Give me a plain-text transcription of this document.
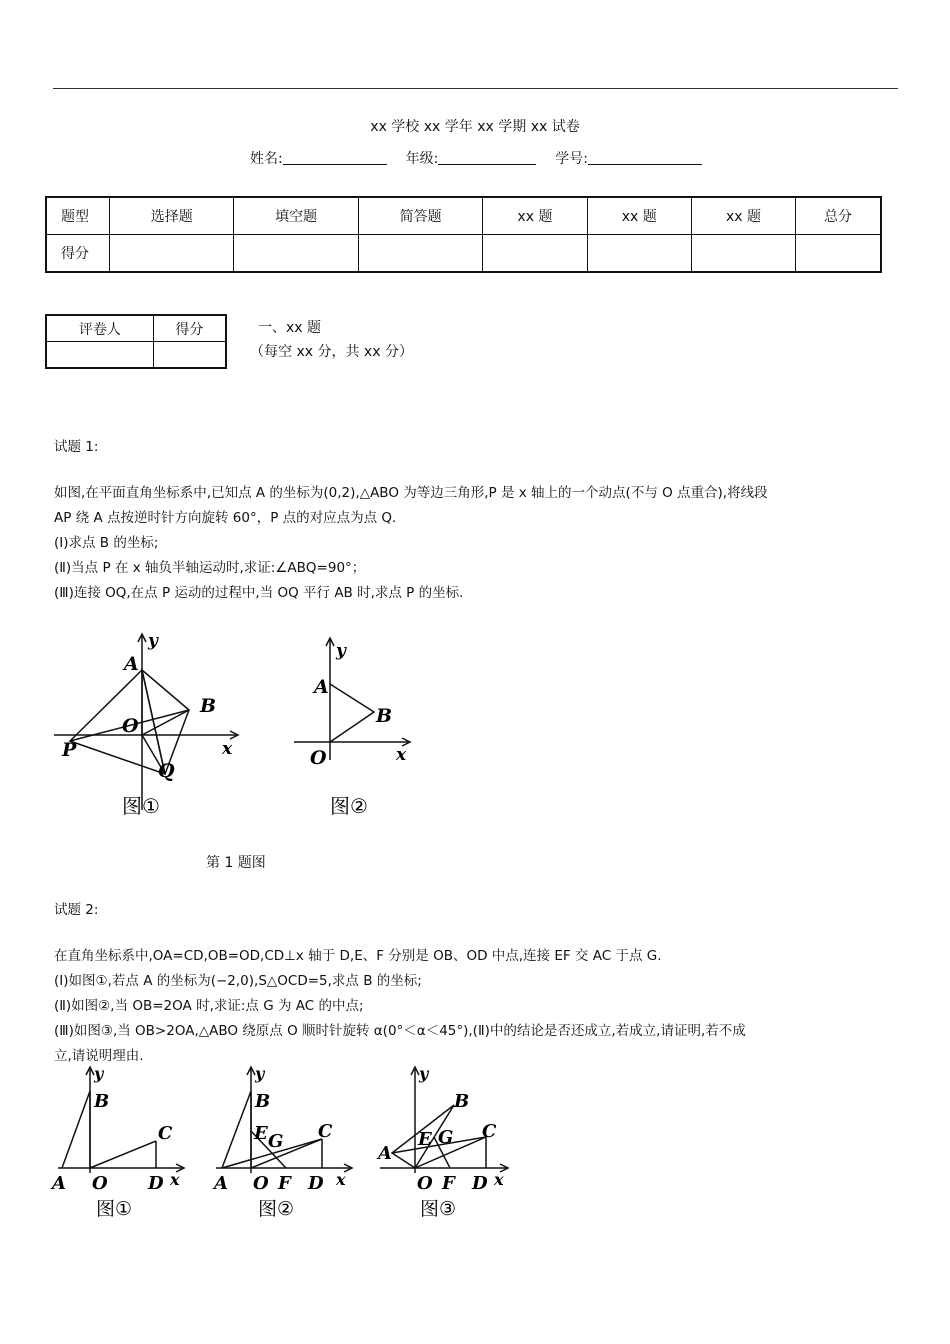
xx 学校 xx 学年 xx 学期 xx 试卷
姓名:	年级:	学号:
题型	选择题	填空题	简答题	xx 题	xx 题	xx 题	总分
得分							
评卷人	得分
		一、xx 题
（每空 xx 分，共 xx 分）
试题 1:

如图,在平面直角坐标系中,已知点 A 的坐标为(0,2),△ABO 为等边三角形,P 是 x 轴上的一个动点(不与 O 点重合),将线段

AP 绕 A 点按逆时针方向旋转 60°，P 点的对应点为点 Q.

(Ⅰ)求点 B 的坐标;

(Ⅱ)当点 P 在 x 轴负半轴运动时,求证:∠ABQ=90°；

(Ⅲ)连接 OQ,在点 P 运动的过程中,当 OQ 平行 AB 时,求点 P 的坐标.

A
B
O
P
Q
x
y
图①
A
B
O	x
y
图②
第 1 题图
试题 2:

在直角坐标系中,OA=CD,OB=OD,CD⊥x 轴于 D,E、F 分别是 OB、OD 中点,连接 EF 交 AC 于点 G.

(Ⅰ)如图①,若点 A 的坐标为(−2,0),S△OCD=5,求点 B 的坐标;

(Ⅱ)如图②,当 OB=2OA 时,求证:点 G 为 AC 的中点;

(Ⅲ)如图③,当 OB>2OA,△ABO 绕原点 O 顺时针旋转 α(0°＜α＜45°),(Ⅱ)中的结论是否还成立,若成立,请证明,若不成

立,请说明理由.

A
B
C
D
O	x
y
图①
A
B
E G C
O F D x
y
图②
A
B
E G C
O F D x
y
图③
